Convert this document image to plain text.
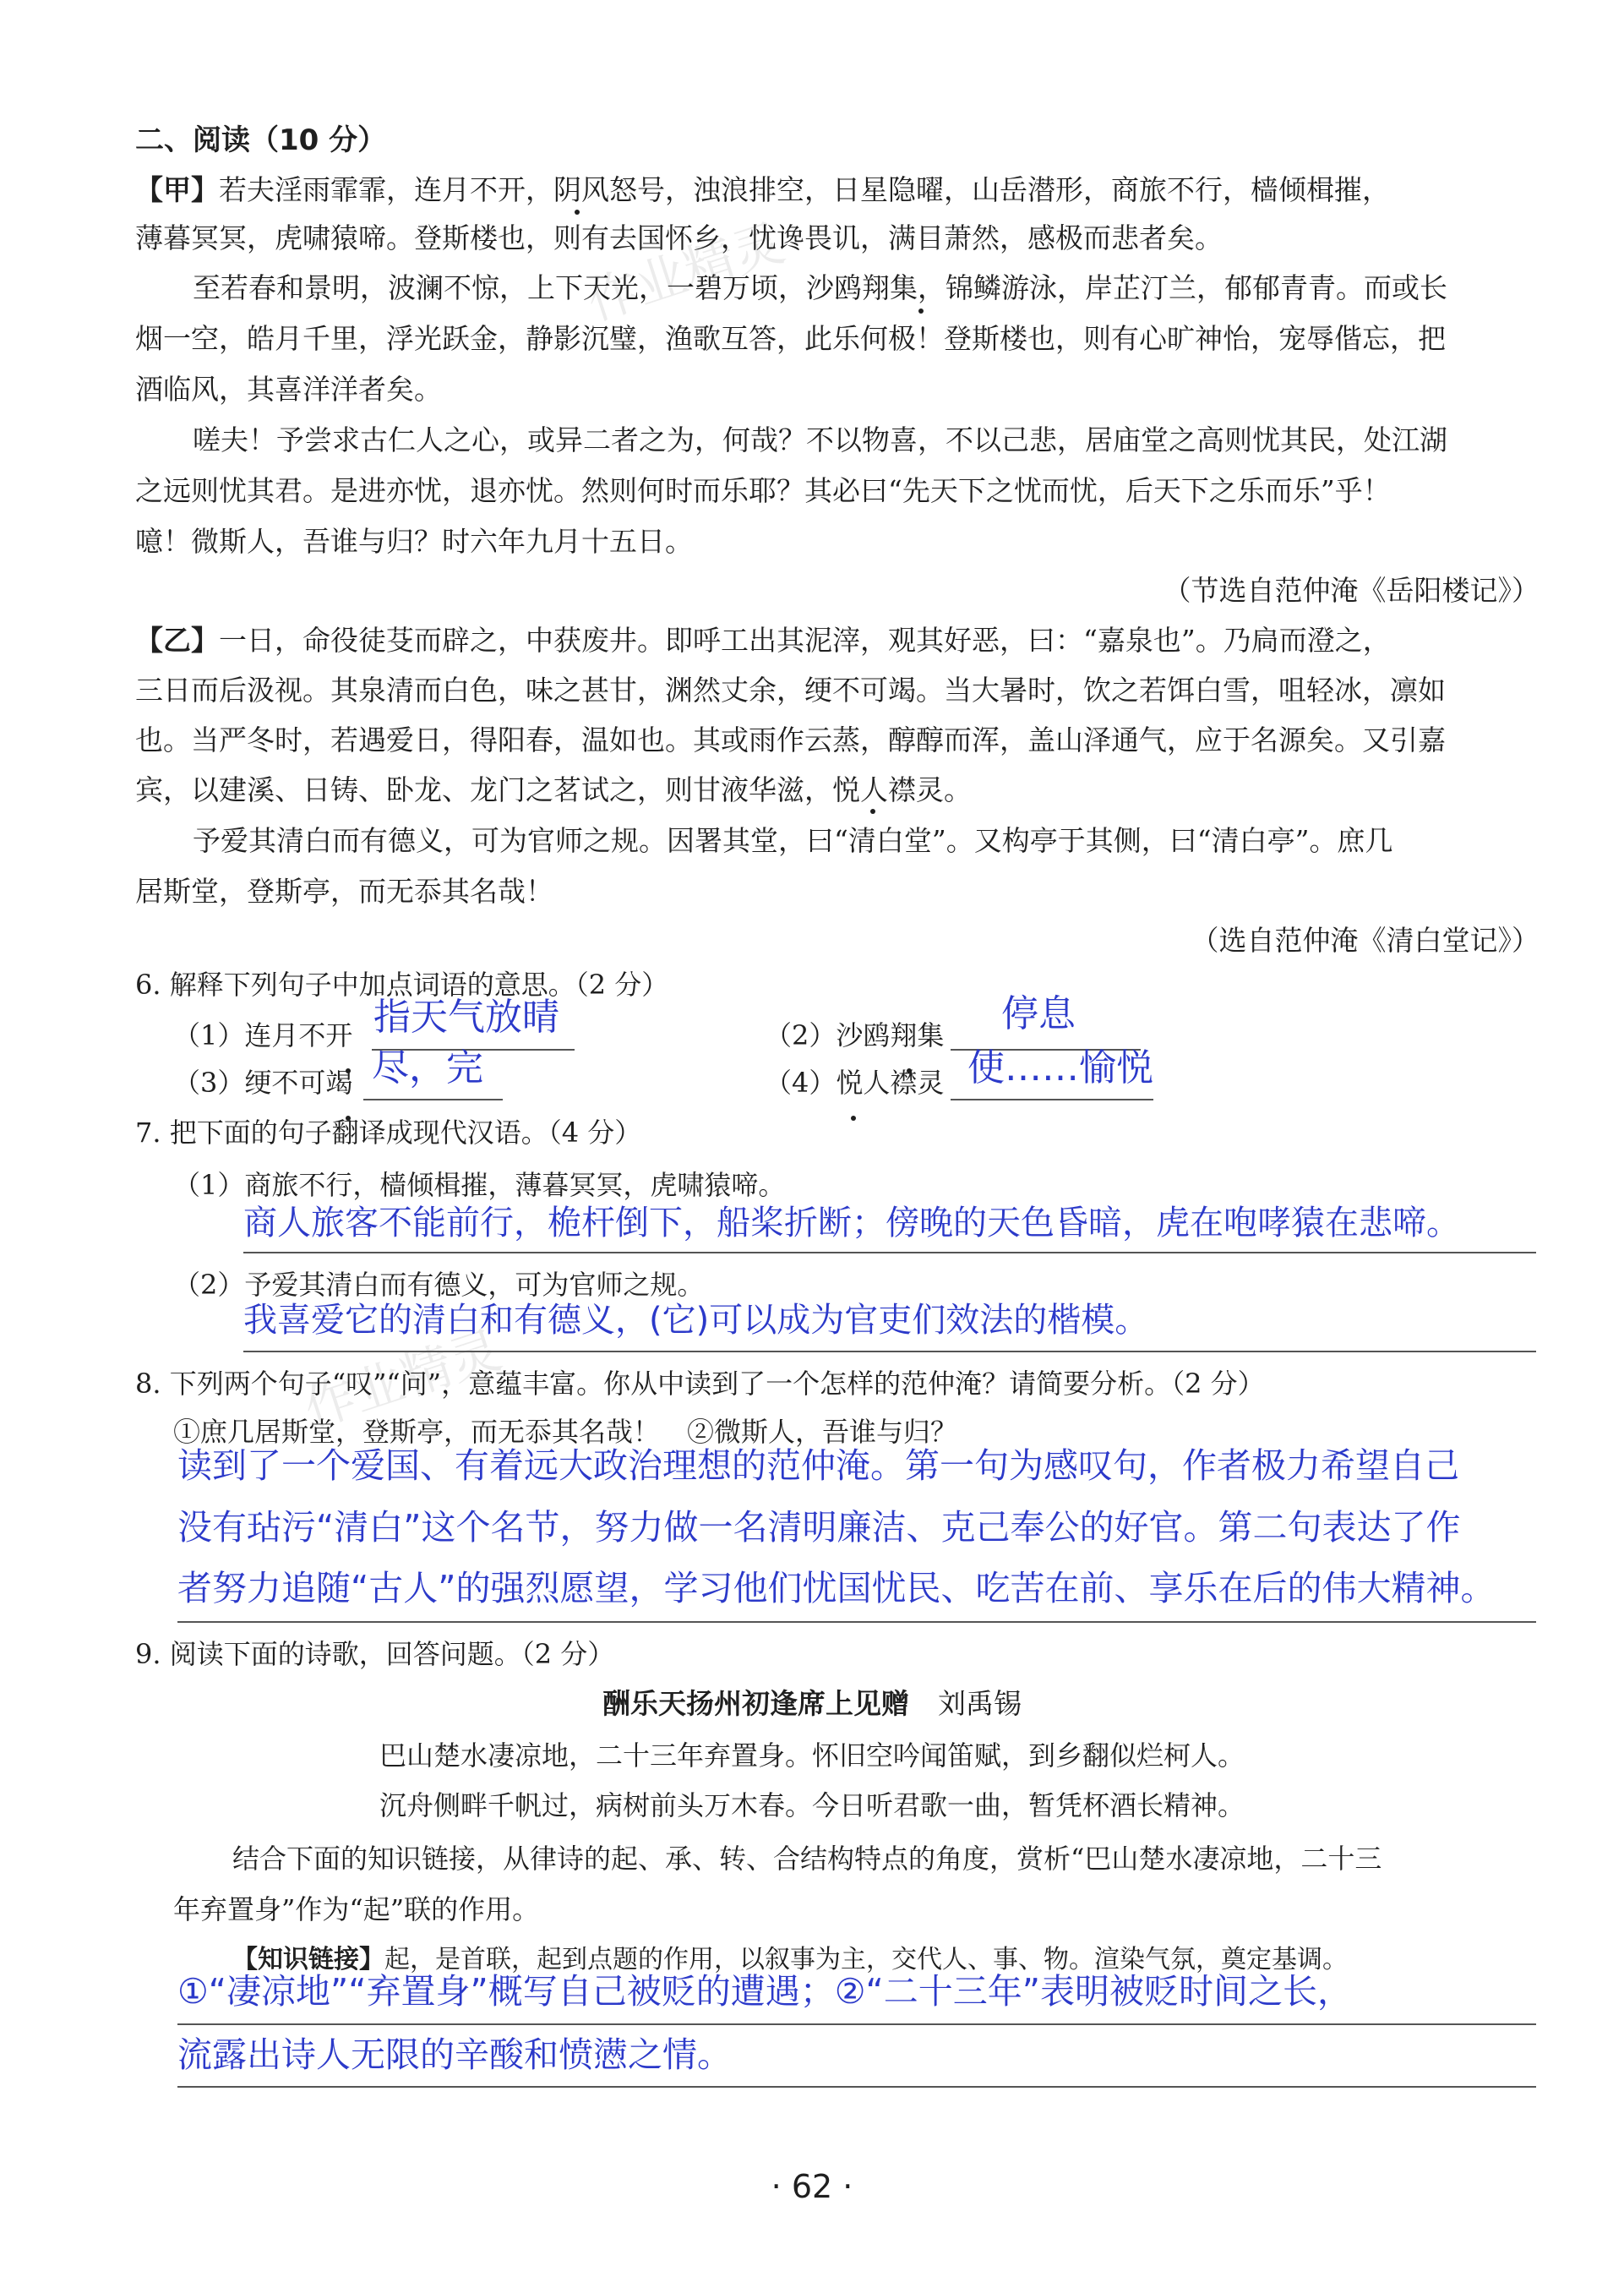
作业精灵
作业精灵
二、阅读（10 分）
【甲】若夫淫雨霏霏，连月不开，阴风怒号，浊浪排空，日星隐曜，山岳潜形，商旅不行，樯倾楫摧，
薄暮冥冥，虎啸猿啼。登斯楼也，则有去国怀乡，忧谗畏讥，满目萧然，感极而悲者矣。
至若春和景明，波澜不惊，上下天光，一碧万顷，沙鸥翔集，锦鳞游泳，岸芷汀兰，郁郁青青。而或长
烟一空，皓月千里，浮光跃金，静影沉璧，渔歌互答，此乐何极！登斯楼也，则有心旷神怡，宠辱偕忘，把
酒临风，其喜洋洋者矣。
嗟夫！予尝求古仁人之心，或异二者之为，何哉？不以物喜，不以己悲，居庙堂之高则忧其民，处江湖
之远则忧其君。是进亦忧，退亦忧。然则何时而乐耶？其必曰“先天下之忧而忧，后天下之乐而乐”乎！
噫！微斯人，吾谁与归？时六年九月十五日。
（节选自范仲淹《岳阳楼记》）
【乙】一日，命役徒芟而辟之，中获废井。即呼工出其泥滓，观其好恶，曰：“嘉泉也”。乃扃而澄之，
三日而后汲视。其泉清而白色，味之甚甘，渊然丈余，绠不可竭。当大暑时，饮之若饵白雪，咀轻冰，凛如
也。当严冬时，若遇爱日，得阳春，温如也。其或雨作云蒸，醇醇而浑，盖山泽通气，应于名源矣。又引嘉
宾，以建溪、日铸、卧龙、龙门之茗试之，则甘液华滋，悦人襟灵。
予爱其清白而有德义，可为官师之规。因署其堂，曰“清白堂”。又构亭于其侧，曰“清白亭”。庶几
居斯堂，登斯亭，而无忝其名哉！
（选自范仲淹《清白堂记》）
6. 解释下列句子中加点词语的意思。（2 分）
（1）连月不开 指天气放晴	（2）沙鸥翔集 停息
（3）绠不可竭 尽，完	（4）悦人襟灵 使……愉悦
7. 把下面的句子翻译成现代汉语。（4 分）
（1）商旅不行，樯倾楫摧，薄暮冥冥，虎啸猿啼。
商人旅客不能前行，桅杆倒下，船桨折断；傍晚的天色昏暗，虎在咆哮猿在悲啼。
（2）予爱其清白而有德义，可为官师之规。
我喜爱它的清白和有德义，(它)可以成为官吏们效法的楷模。
8. 下列两个句子“叹”“问”，意蕴丰富。你从中读到了一个怎样的范仲淹？请简要分析。（2 分）
①庶几居斯堂，登斯亭，而无忝其名哉！　②微斯人，吾谁与归？
读到了一个爱国、有着远大政治理想的范仲淹。第一句为感叹句，作者极力希望自己
没有玷污“清白”这个名节，努力做一名清明廉洁、克己奉公的好官。第二句表达了作
者努力追随“古人”的强烈愿望，学习他们忧国忧民、吃苦在前、享乐在后的伟大精神。
9. 阅读下面的诗歌，回答问题。（2 分）
酬乐天扬州初逢席上见赠 刘禹锡
巴山楚水凄凉地，二十三年弃置身。怀旧空吟闻笛赋，到乡翻似烂柯人。
沉舟侧畔千帆过，病树前头万木春。今日听君歌一曲，暂凭杯酒长精神。
结合下面的知识链接，从律诗的起、承、转、合结构特点的角度，赏析“巴山楚水凄凉地，二十三
年弃置身”作为“起”联的作用。
【知识链接】起，是首联，起到点题的作用，以叙事为主，交代人、事、物。渲染气氛，奠定基调。
①“凄凉地”“弃置身”概写自己被贬的遭遇；②“二十三年”表明被贬时间之长，
流露出诗人无限的辛酸和愤懑之情。
· 62 ·
